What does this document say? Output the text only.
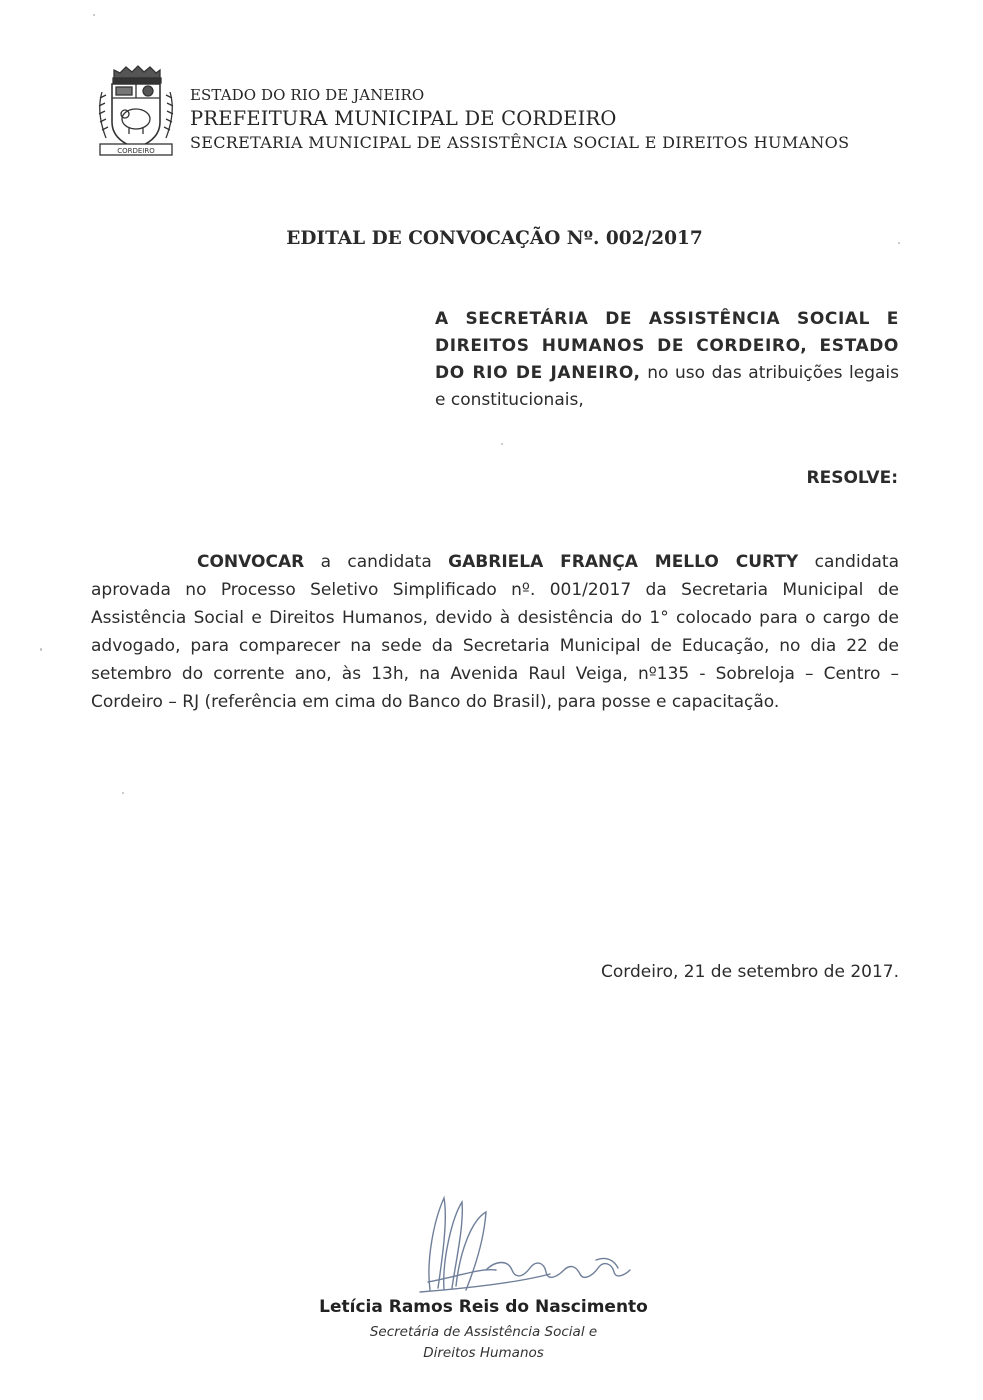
CORDEIRO
ESTADO DO RIO DE JANEIRO
PREFEITURA MUNICIPAL DE CORDEIRO
SECRETARIA MUNICIPAL DE ASSISTÊNCIA SOCIAL E DIREITOS HUMANOS
EDITAL DE CONVOCAÇÃO Nº. 002/2017
A SECRETÁRIA DE ASSISTÊNCIA SOCIAL E DIREITOS HUMANOS DE CORDEIRO, ESTADO DO RIO DE JANEIRO, no uso das atribuições legais e constitucionais,
RESOLVE:
CONVOCAR a candidata GABRIELA FRANÇA MELLO CURTY candidata aprovada no Processo Seletivo Simplificado nº. 001/2017 da Secretaria Municipal de Assistência Social e Direitos Humanos, devido à desistência do 1° colocado para o cargo de advogado, para comparecer na sede da Secretaria Municipal de Educação, no dia 22 de setembro do corrente ano, às 13h, na Avenida Raul Veiga, nº135 - Sobreloja – Centro – Cordeiro – RJ (referência em cima do Banco do Brasil), para posse e capacitação.
Cordeiro, 21 de setembro de 2017.
Letícia Ramos Reis do Nascimento
Secretária de Assistência Social e
Direitos Humanos
